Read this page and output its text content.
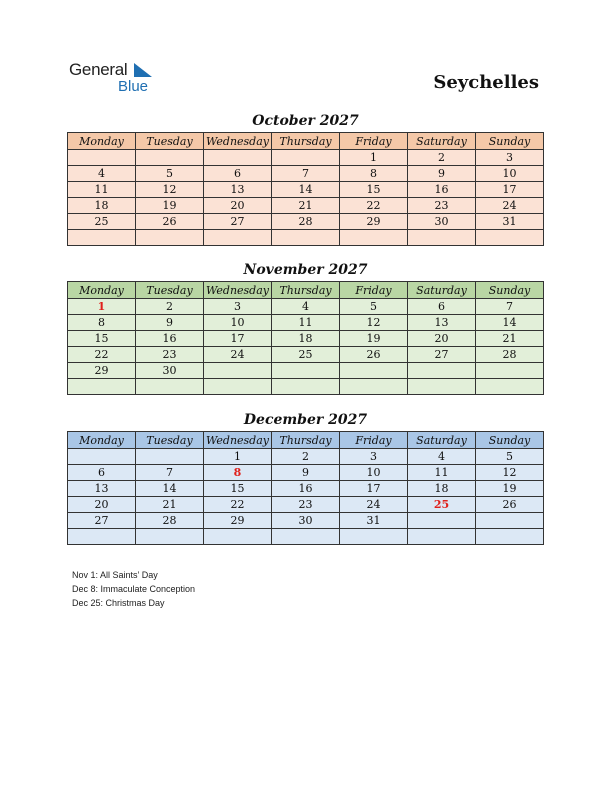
General
Blue	Seychelles
October 2027
Monday	Tuesday	Wednesday	Thursday	Friday	Saturday	Sunday
				1	2	3
4	5	6	7	8	9	10
11	12	13	14	15	16	17
18	19	20	21	22	23	24
25	26	27	28	29	30	31

November 2027
Monday	Tuesday	Wednesday	Thursday	Friday	Saturday	Sunday
1	2	3	4	5	6	7
8	9	10	11	12	13	14
15	16	17	18	19	20	21
22	23	24	25	26	27	28
29	30					

December 2027
Monday	Tuesday	Wednesday	Thursday	Friday	Saturday	Sunday
		1	2	3	4	5
6	7	8	9	10	11	12
13	14	15	16	17	18	19
20	21	22	23	24	25	26
27	28	29	30	31		

Nov 1: All Saints’ Day
Dec 8: Immaculate Conception
Dec 25: Christmas Day
